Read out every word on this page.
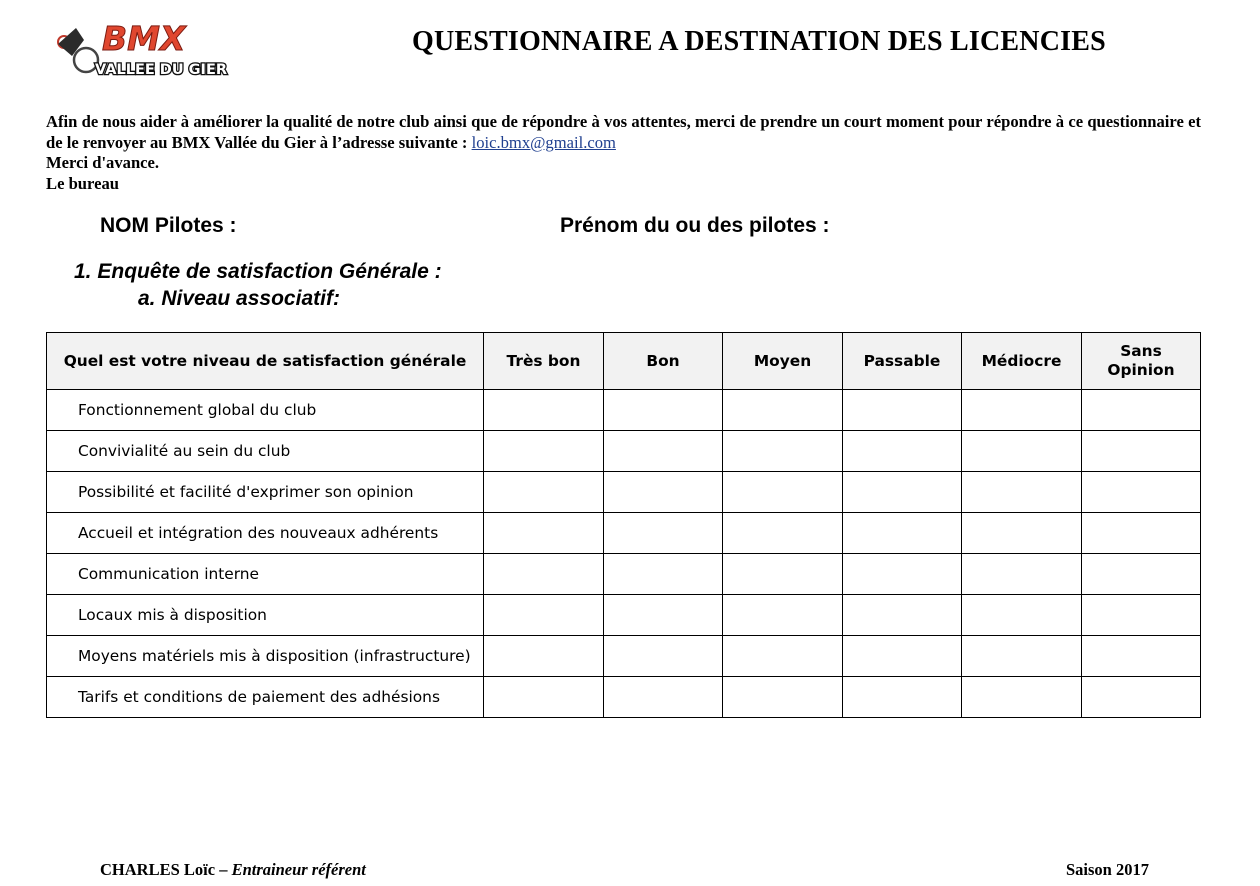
BMX
VALLEE DU GIER
QUESTIONNAIRE A DESTINATION DES LICENCIES

Afin de nous aider à améliorer la qualité de notre club ainsi que de répondre à vos attentes, merci de prendre un court moment pour répondre à ce questionnaire et de le renvoyer au BMX Vallée du Gier à l’adresse suivante : loic.bmx@gmail.com

Merci d'avance.
Le bureau
NOM Pilotes :	Prénom du ou des pilotes :
1. Enquête de satisfaction Générale :
a. Niveau associatif:
Quel est votre niveau de satisfaction générale	Très bon	Bon	Moyen	Passable	Médiocre	Sans Opinion
Fonctionnement global du club						
Convivialité au sein du club						
Possibilité et facilité d'exprimer son opinion						
Accueil et intégration des nouveaux adhérents						
Communication interne						
Locaux mis à disposition						
Moyens matériels mis à disposition (infrastructure)						
Tarifs et conditions de paiement des adhésions						
CHARLES Loïc – Entraineur référent	Saison 2017
